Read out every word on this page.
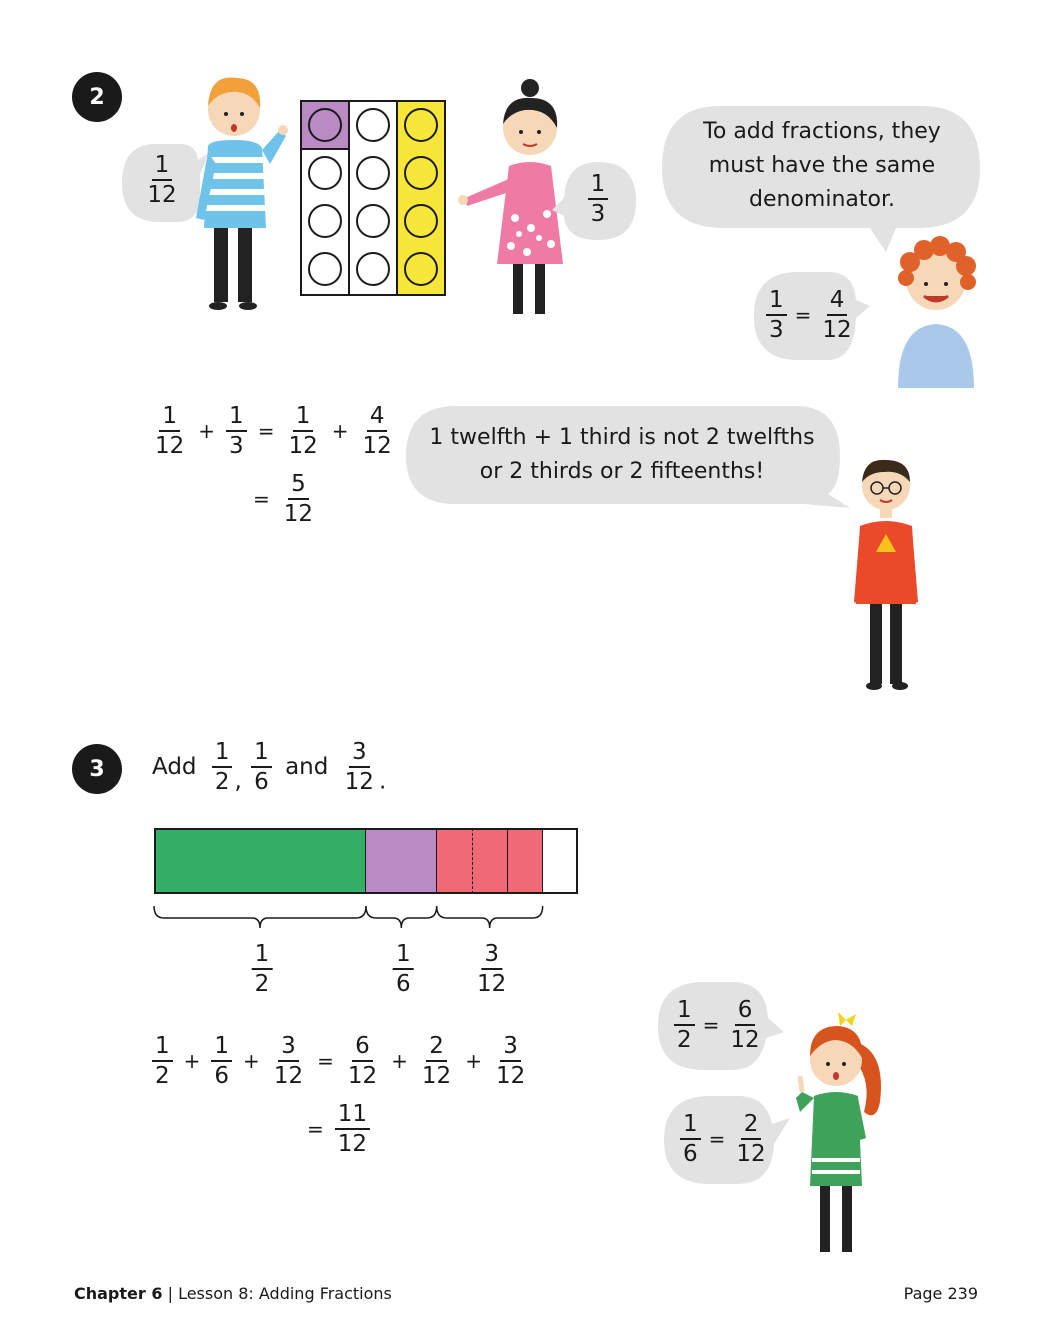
2
$\frac{1}{12}$	$\frac{1}{3}$
To add fractions, they must have the same denominator.
$\frac{1}{3} = \frac{4}{12}$
$\frac{1}{12} + \frac{1}{3} = \frac{1}{12} + \frac{4}{12}$
= $\frac{5}{12}$
1 twelfth + 1 third is not 2 twelfths or 2 thirds or 2 fifteenths!
3	Add $\frac{1}{2}$ , $\frac{1}{6}$ and $\frac{3}{12}$ .
$\frac{1}{2}$	$\frac{1}{6}$	$\frac{3}{12}$
$\frac{1}{2} + \frac{1}{6} + \frac{3}{12} = \frac{6}{12} + \frac{2}{12} + \frac{3}{12}$
= $\frac{11}{12}$
$\frac{1}{2} = \frac{6}{12}$
$\frac{1}{6} = \frac{2}{12}$
Chapter 6 | Lesson 8: Adding Fractions	Page 239
